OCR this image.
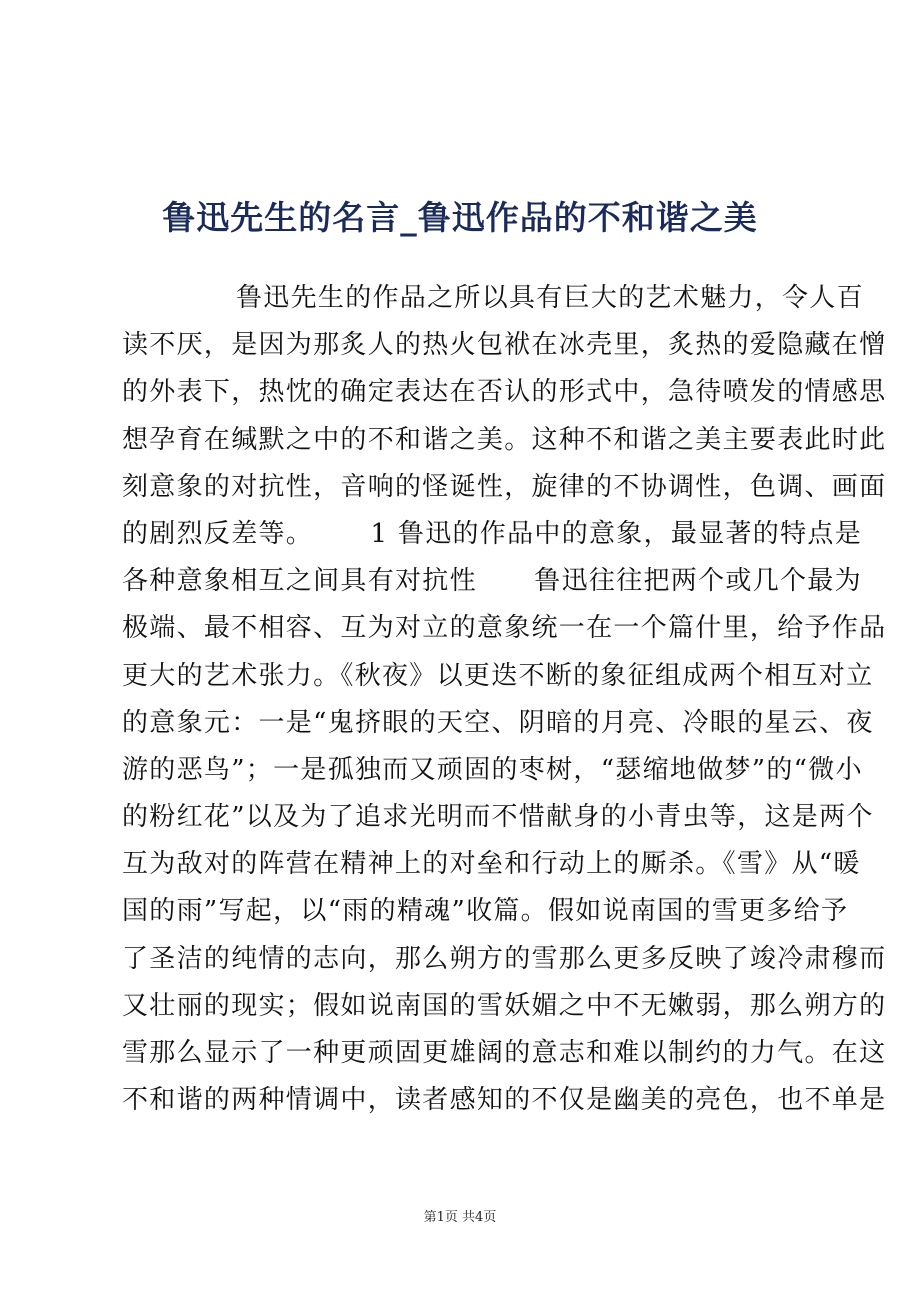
鲁迅先生的名言_鲁迅作品的不和谐之美
鲁迅先生的作品之所以具有巨大的艺术魅力，令人百
读不厌，是因为那炙人的热火包袱在冰壳里，炙热的爱隐藏在憎
的外表下，热忱的确定表达在否认的形式中，急待喷发的情感思
想孕育在缄默之中的不和谐之美。这种不和谐之美主要表此时此
刻意象的对抗性，音响的怪诞性，旋律的不协调性，色调、画面
的剧烈反差等。      1 鲁迅的作品中的意象，最显著的特点是
各种意象相互之间具有对抗性      鲁迅往往把两个或几个最为
极端、最不相容、互为对立的意象统一在一个篇什里，给予作品
更大的艺术张力。《秋夜》以更迭不断的象征组成两个相互对立
的意象元：一是“鬼挤眼的天空、阴暗的月亮、冷眼的星云、夜
游的恶鸟”；一是孤独而又顽固的枣树，“瑟缩地做梦”的“微小
的粉红花”以及为了追求光明而不惜献身的小青虫等，这是两个
互为敌对的阵营在精神上的对垒和行动上的厮杀。《雪》从“暖
国的雨”写起，以“雨的精魂”收篇。假如说南国的雪更多给予
了圣洁的纯情的志向，那么朔方的雪那么更多反映了竣冷肃穆而
又壮丽的现实；假如说南国的雪妖媚之中不无嫩弱，那么朔方的
雪那么显示了一种更顽固更雄阔的意志和难以制约的力气。在这
不和谐的两种情调中，读者感知的不仅是幽美的亮色，也不单是
第1页 共4页
